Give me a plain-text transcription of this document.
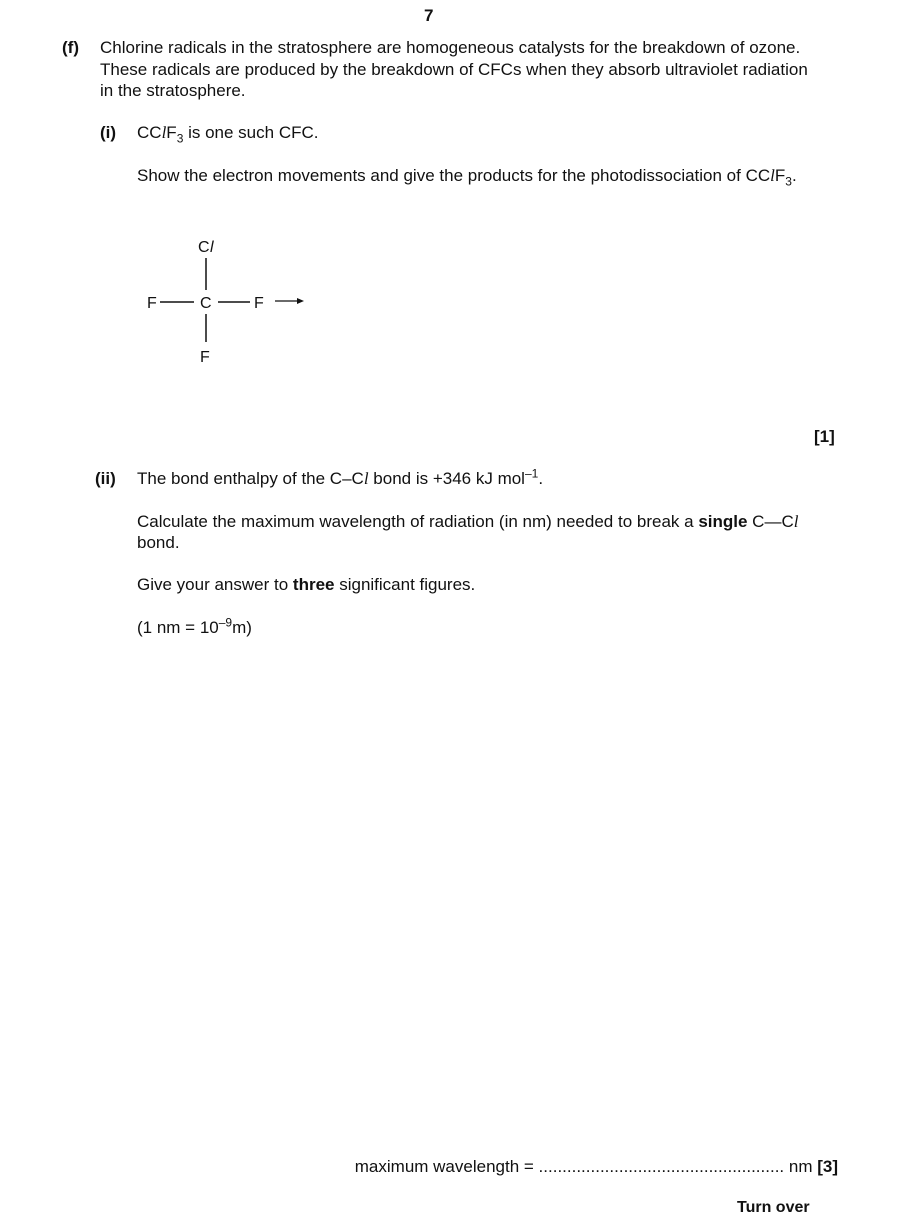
7
(f) Chlorine radicals in the stratosphere are homogeneous catalysts for the breakdown of ozone.
These radicals are produced by the breakdown of CFCs when they absorb ultraviolet radiation
in the stratosphere.
(i) CClF$_3$ is one such CFC.
Show the electron movements and give the products for the photodissociation of CClF$_3$.
C l
F	C	F
F
[1]
(ii) The bond enthalpy of the C–Cl bond is +346 kJ mol$^{-1}$.
Calculate the maximum wavelength of radiation (in nm) needed to break a single C—Cl
bond.
Give your answer to three significant figures.
(1 nm = $10^{-9}m$)
maximum wavelength = .................................................... nm [3]
Turn over
